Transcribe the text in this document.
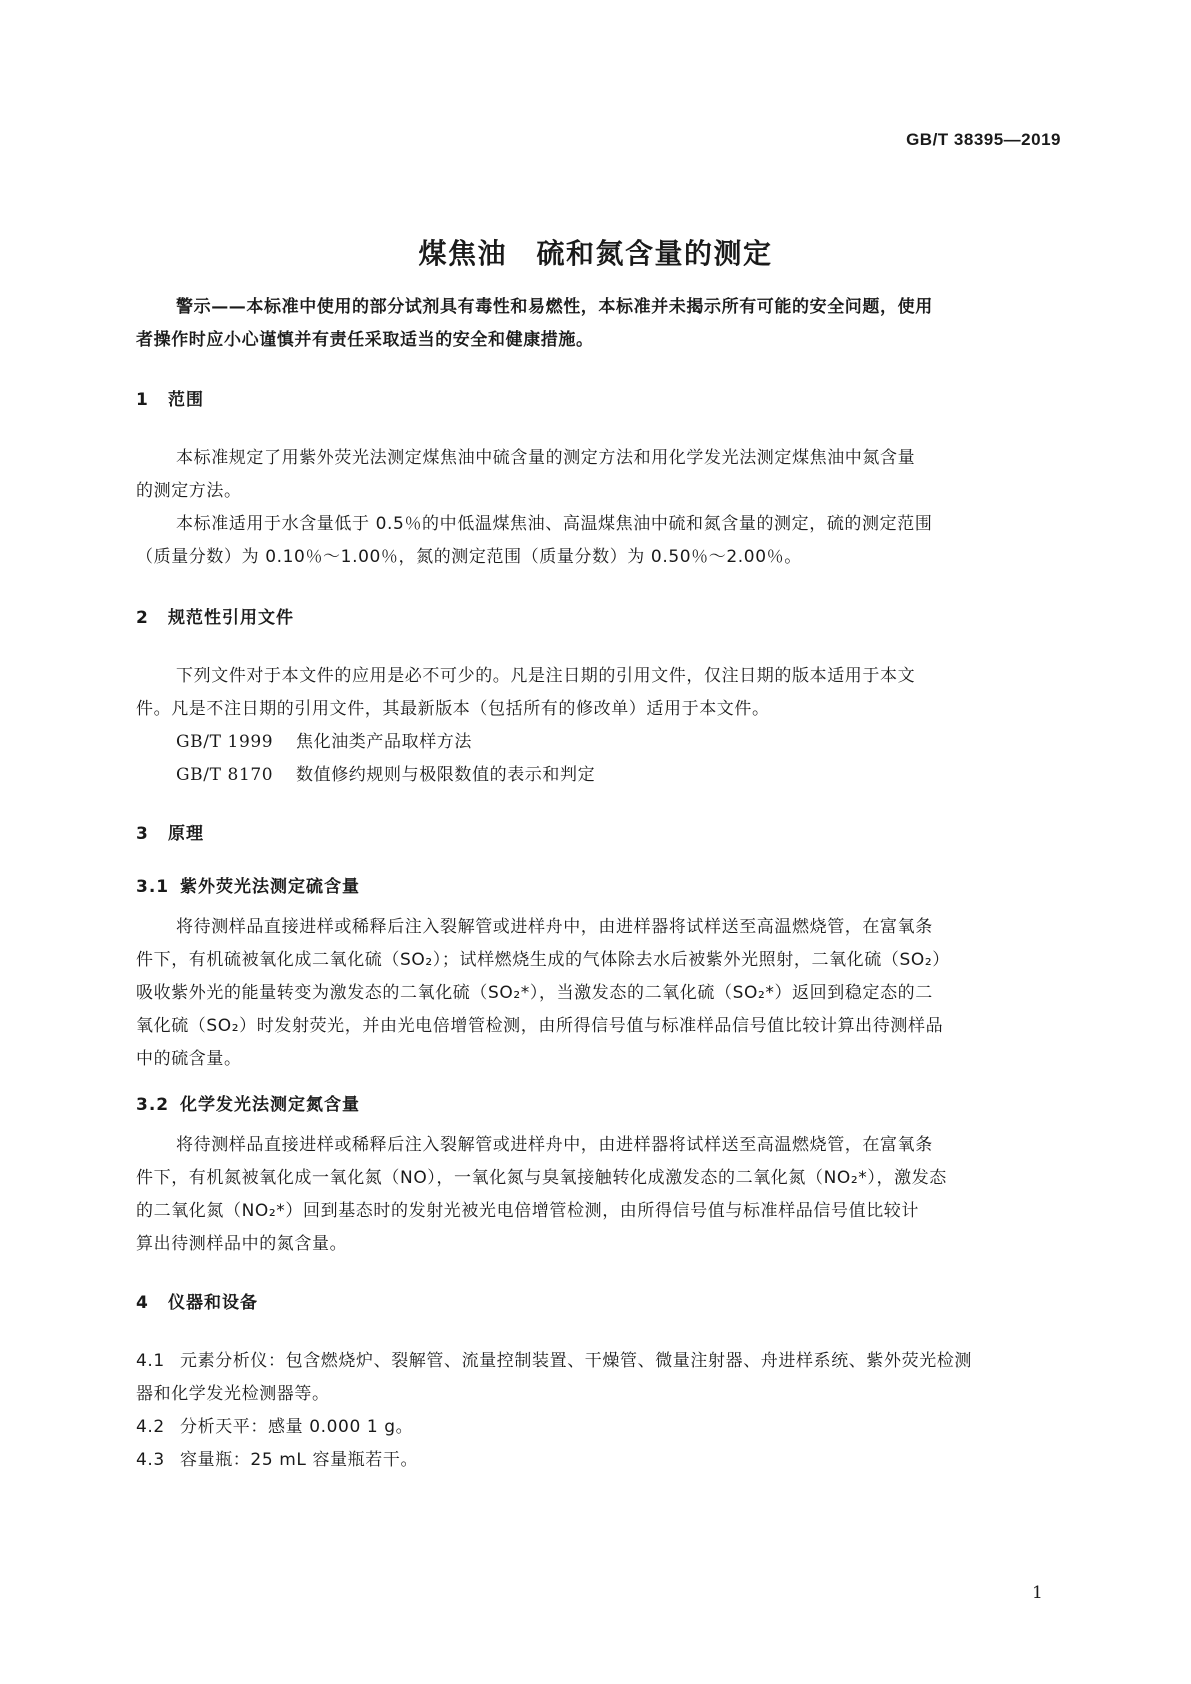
GB/T 38395—2019
煤焦油　硫和氮含量的测定
警示——本标准中使用的部分试剂具有毒性和易燃性，本标准并未揭示所有可能的安全问题，使用
者操作时应小心谨慎并有责任采取适当的安全和健康措施。
1 范围
本标准规定了用紫外荧光法测定煤焦油中硫含量的测定方法和用化学发光法测定煤焦油中氮含量
的测定方法。
本标准适用于水含量低于 0.5％的中低温煤焦油、高温煤焦油中硫和氮含量的测定，硫的测定范围
（质量分数）为 0.10％～1.00％，氮的测定范围（质量分数）为 0.50％～2.00％。
2 规范性引用文件
下列文件对于本文件的应用是必不可少的。凡是注日期的引用文件，仅注日期的版本适用于本文
件。凡是不注日期的引用文件，其最新版本（包括所有的修改单）适用于本文件。
GB/T 1999 焦化油类产品取样方法
GB/T 8170 数值修约规则与极限数值的表示和判定
3 原理
3.1 紫外荧光法测定硫含量
将待测样品直接进样或稀释后注入裂解管或进样舟中，由进样器将试样送至高温燃烧管，在富氧条
件下，有机硫被氧化成二氧化硫（SO₂）；试样燃烧生成的气体除去水后被紫外光照射，二氧化硫（SO₂）
吸收紫外光的能量转变为激发态的二氧化硫（SO₂*），当激发态的二氧化硫（SO₂*）返回到稳定态的二
氧化硫（SO₂）时发射荧光，并由光电倍增管检测，由所得信号值与标准样品信号值比较计算出待测样品
中的硫含量。
3.2 化学发光法测定氮含量
将待测样品直接进样或稀释后注入裂解管或进样舟中，由进样器将试样送至高温燃烧管，在富氧条
件下，有机氮被氧化成一氧化氮（NO），一氧化氮与臭氧接触转化成激发态的二氧化氮（NO₂*），激发态
的二氧化氮（NO₂*）回到基态时的发射光被光电倍增管检测，由所得信号值与标准样品信号值比较计
算出待测样品中的氮含量。
4 仪器和设备
4.1 元素分析仪：包含燃烧炉、裂解管、流量控制装置、干燥管、微量注射器、舟进样系统、紫外荧光检测
器和化学发光检测器等。
4.2 分析天平：感量 0.000 1 g。
4.3 容量瓶：25 mL 容量瓶若干。
1
